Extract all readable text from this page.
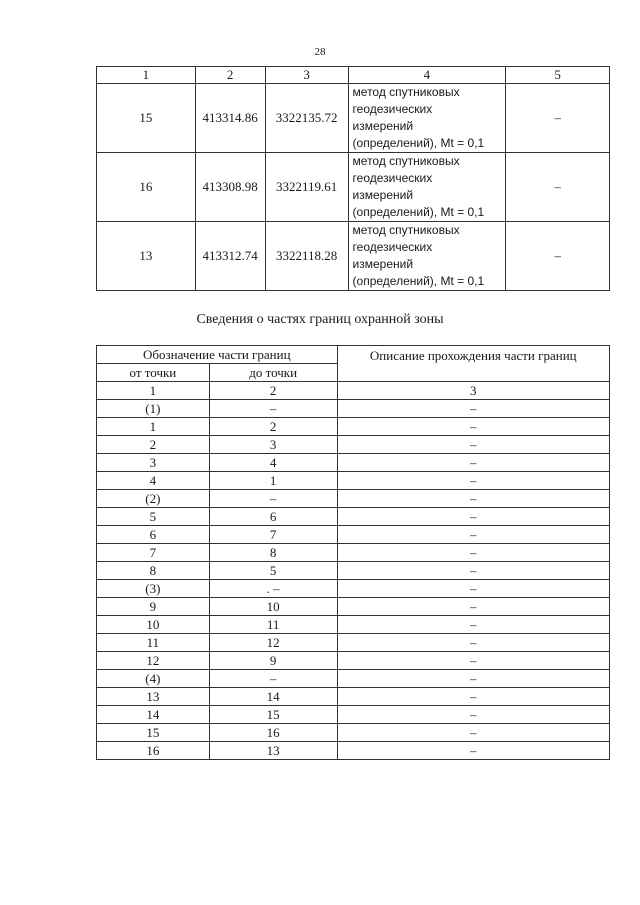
28
1	2	3	4	5
15	413314.86	3322135.72	метод спутниковых
геодезических
измерений
(определений), Mt = 0,1	–
16	413308.98	3322119.61	метод спутниковых
геодезических
измерений
(определений), Mt = 0,1	–
13	413312.74	3322118.28	метод спутниковых
геодезических
измерений
(определений), Mt = 0,1	–
Сведения о частях границ охранной зоны
Обозначение части границ		Описание прохождения части границ
от точки	до точки	
1	2	3
(1)	–	–
1	2	–
2	3	–
3	4	–
4	1	–
(2)	–	–
5	6	–
6	7	–
7	8	–
8	5	–
(3)	. –	–
9	10	–
10	11	–
11	12	–
12	9	–
(4)	–	–
13	14	–
14	15	–
15	16	–
16	13	–
